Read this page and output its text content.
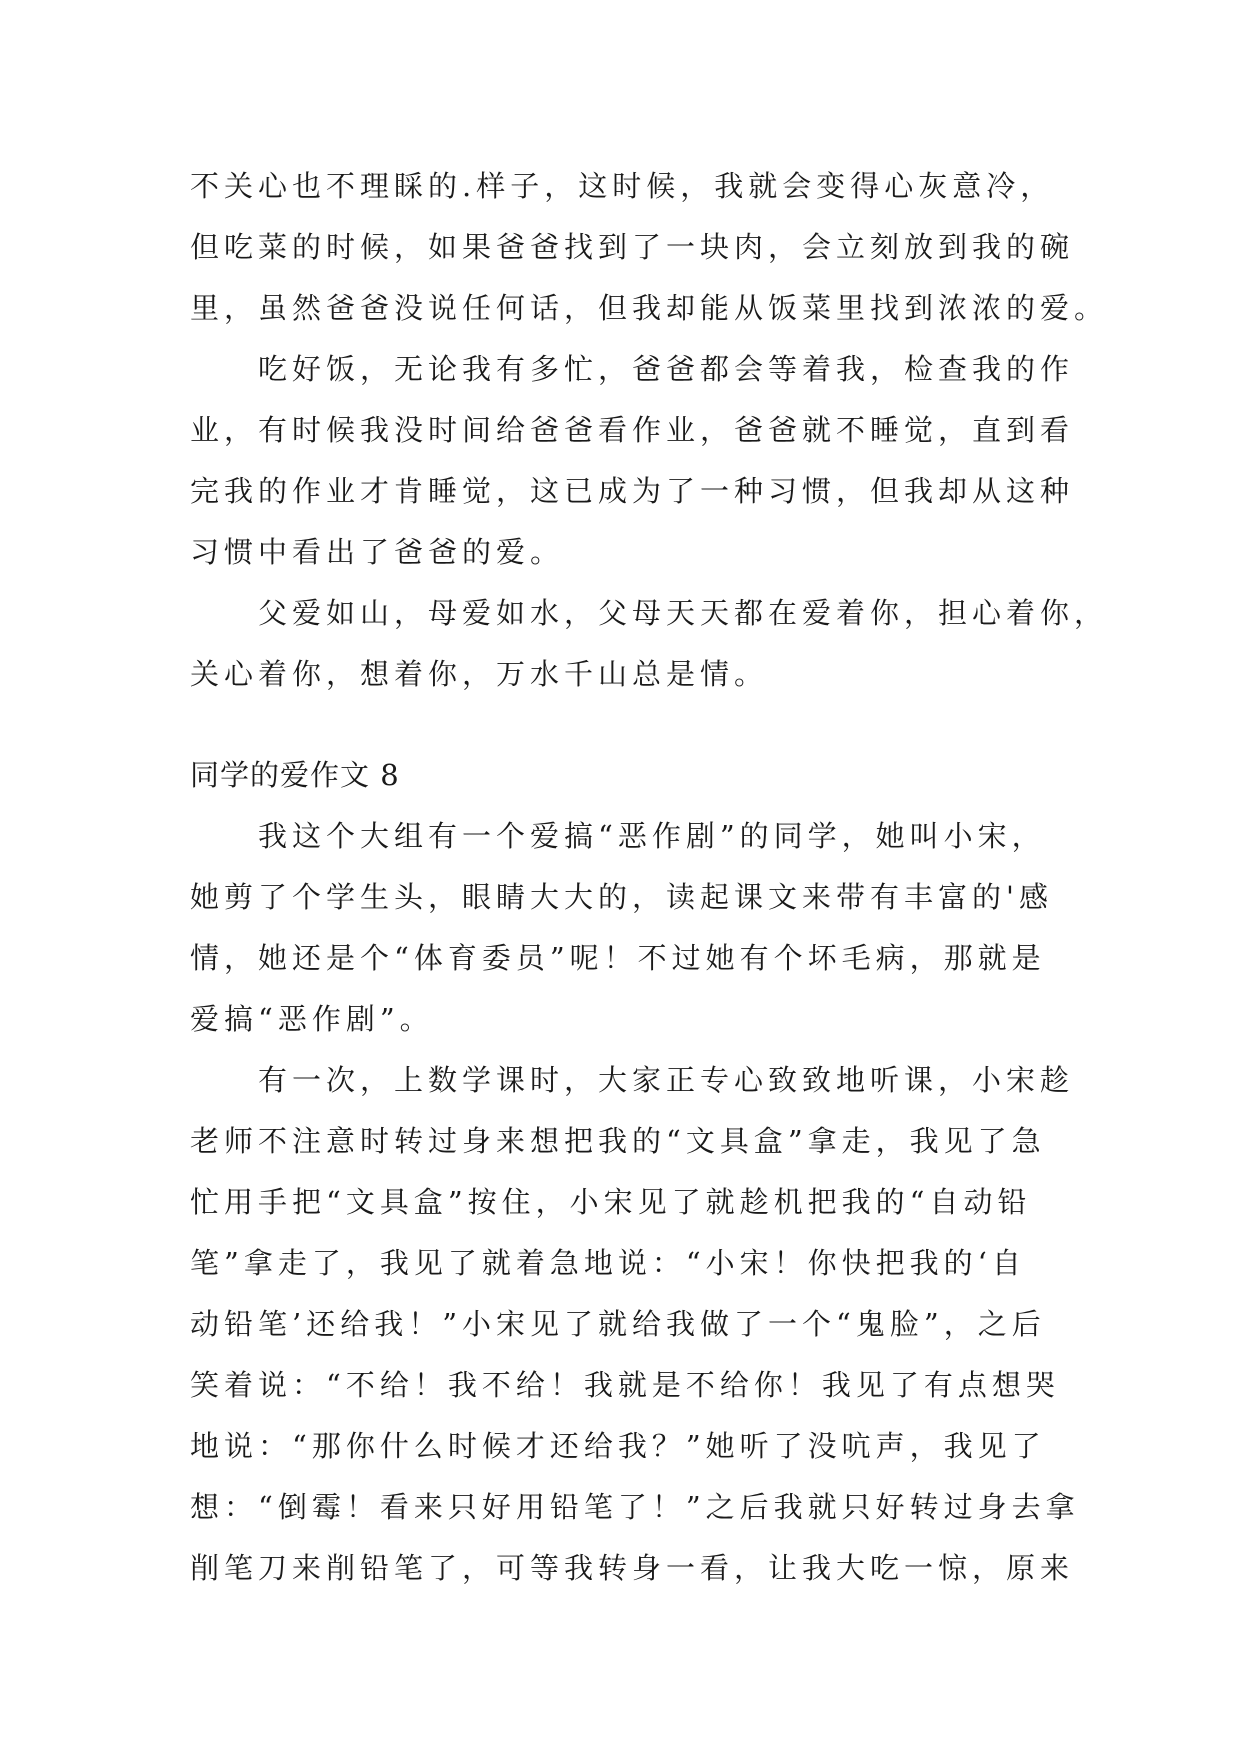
不关心也不理睬的.样子，这时候，我就会变得心灰意冷，
但吃菜的时候，如果爸爸找到了一块肉，会立刻放到我的碗
里，虽然爸爸没说任何话，但我却能从饭菜里找到浓浓的爱。
　　吃好饭，无论我有多忙，爸爸都会等着我，检查我的作
业，有时候我没时间给爸爸看作业，爸爸就不睡觉，直到看
完我的作业才肯睡觉，这已成为了一种习惯，但我却从这种
习惯中看出了爸爸的爱。
　　父爱如山，母爱如水，父母天天都在爱着你，担心着你，
关心着你，想着你，万水千山总是情。
同学的爱作文 8
　　我这个大组有一个爱搞“恶作剧”的同学，她叫小宋，
她剪了个学生头，眼睛大大的，读起课文来带有丰富的'感
情，她还是个“体育委员”呢！不过她有个坏毛病，那就是
爱搞“恶作剧”。
　　有一次，上数学课时，大家正专心致致地听课，小宋趁
老师不注意时转过身来想把我的“文具盒”拿走，我见了急
忙用手把“文具盒”按住，小宋见了就趁机把我的“自动铅
笔”拿走了，我见了就着急地说：“小宋！你快把我的‘自
动铅笔’还给我！”小宋见了就给我做了一个“鬼脸”，之后
笑着说：“不给！我不给！我就是不给你！我见了有点想哭
地说：“那你什么时候才还给我？”她听了没吭声，我见了
想：“倒霉！看来只好用铅笔了！”之后我就只好转过身去拿
削笔刀来削铅笔了，可等我转身一看，让我大吃一惊，原来
